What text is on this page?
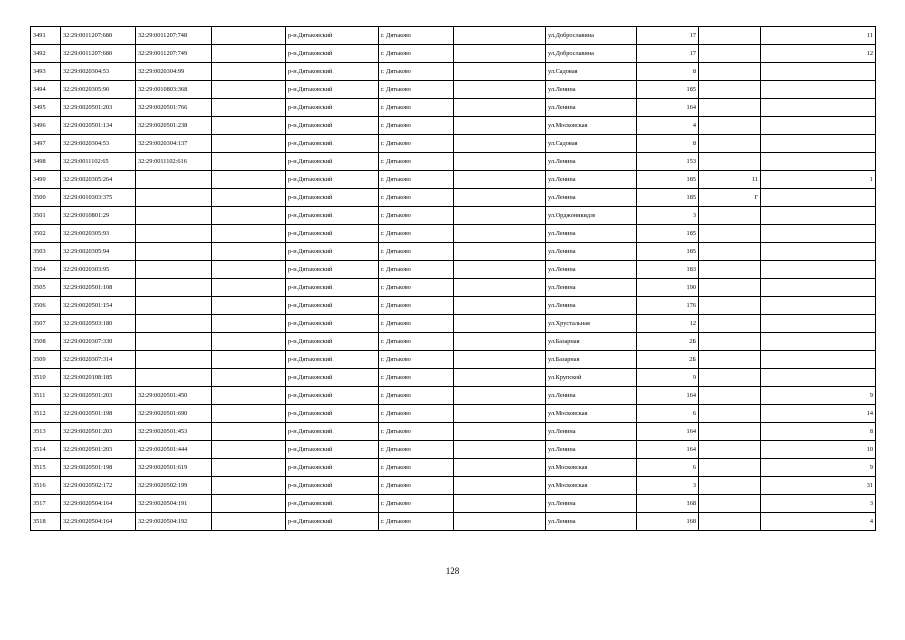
3491	32:29:0011207:680	32:29:0011207:748		р-н.Дятьковский	г. Дятьково		ул.Доброславина	17		11
3492	32:29:0011207:680	32:29:0011207:749		р-н.Дятьковский	г. Дятьково		ул.Доброславина	17		12
3493	32:29:0020304:53	32:29:0020304:99		р-н.Дятьковский	г. Дятьково		ул.Садовая	8		
3494	32:29:0020305:90	32:29:0010803:368		р-н.Дятьковский	г. Дятьково		ул.Ленина	185		
3495	32:29:0020501:203	32:29:0020501:766		р-н.Дятьковский	г. Дятьково		ул.Ленина	164		
3496	32:29:0020501:134	32:29:0020501:238		р-н.Дятьковский	г. Дятьково		ул.Московская	4		
3497	32:29:0020304:53	32:29:0020304:137		р-н.Дятьковский	г. Дятьково		ул.Садовая	8		
3498	32:29:0011102:65	32:29:0011102:616		р-н.Дятьковский	г. Дятьково		ул.Ленина	153		
3499	32:29:0020305:264			р-н.Дятьковский	г. Дятьково		ул.Ленина	185	11	1
3500	32:29:0010303:375			р-н.Дятьковский	г. Дятьково		ул.Ленина	185	Г	
3501	32:29:0010801:29			р-н.Дятьковский	г. Дятьково		ул.Орджоникидзе	3		
3502	32:29:0020305:93			р-н.Дятьковский	г. Дятьково		ул.Ленина	185		
3503	32:29:0020305:94			р-н.Дятьковский	г. Дятьково		ул.Ленина	185		
3504	32:29:0020303:95			р-н.Дятьковский	г. Дятьково		ул.Ленина	183		
3505	32:29:0020501:108			р-н.Дятьковский	г. Дятьково		ул.Ленина	190		
3506	32:29:0020501:154			р-н.Дятьковский	г. Дятьково		ул.Ленина	176		
3507	32:29:0020503:180			р-н.Дятьковский	г. Дятьково		ул.Хрустальная	12		
3508	32:29:0020307:330			р-н.Дятьковский	г. Дятьково		ул.Базарная	2Б		
3509	32:29:0020307:314			р-н.Дятьковский	г. Дятьково		ул.Базарная	2Б		
3510	32:29:0020108:185			р-н.Дятьковский	г. Дятьково		ул.Крупской	9		
3511	32:29:0020501:203	32:29:0020501:450		р-н.Дятьковский	г. Дятьково		ул.Ленина	164		9
3512	32:29:0020501:198	32:29:0020501:690		р-н.Дятьковский	г. Дятьково		ул.Московская	6		14
3513	32:29:0020501:203	32:29:0020501:453		р-н.Дятьковский	г. Дятьково		ул.Ленина	164		8
3514	32:29:0020501:203	32:29:0020501:444		р-н.Дятьковский	г. Дятьково		ул.Ленина	164		10
3515	32:29:0020501:198	32:29:0020501:619		р-н.Дятьковский	г. Дятьково		ул.Московская	6		9
3516	32:29:0020502:172	32:29:0020502:199		р-н.Дятьковский	г. Дятьково		ул.Московская	3		31
3517	32:29:0020504:164	32:29:0020504:191		р-н.Дятьковский	г. Дятьково		ул.Ленина	168		3
3518	32:29:0020504:164	32:29:0020504:192		р-н.Дятьковский	г. Дятьково		ул.Ленина	168		4
128
